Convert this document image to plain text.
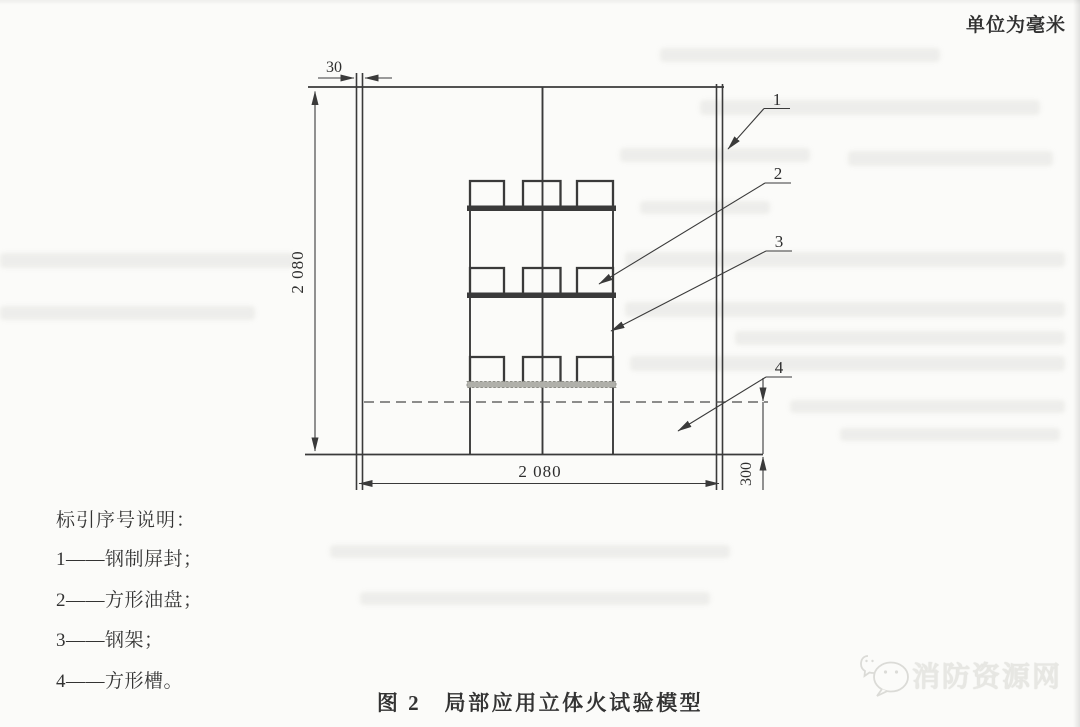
单位为毫米
2 080
30
2 080	300
1
2
3
4

标引序号说明：

1——钢制屏封；

2——方形油盘；

3——钢架；

4——方形槽。

图 2　局部应用立体火试验模型
消防资源网
